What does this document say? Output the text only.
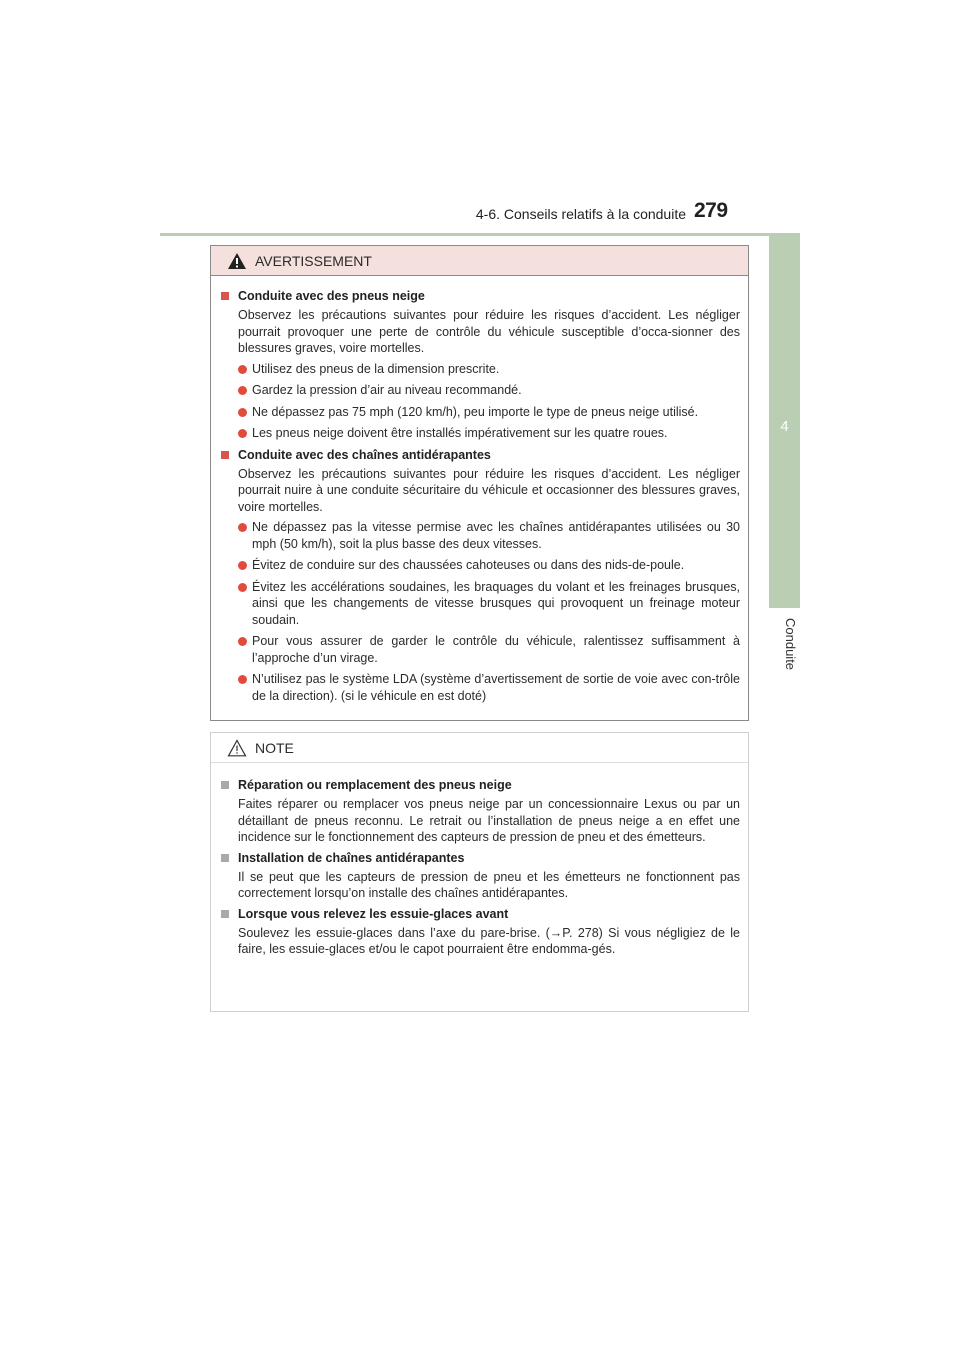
4-6. Conseils relatifs à la conduite 279
4
Conduite
AVERTISSEMENT
Conduite avec des pneus neige

Observez les précautions suivantes pour réduire les risques d’accident. Les négliger pourrait provoquer une perte de contrôle du véhicule susceptible d’occa-sionner des blessures graves, voire mortelles.

Utilisez des pneus de la dimension prescrite.
Gardez la pression d’air au niveau recommandé.
Ne dépassez pas 75 mph (120 km/h), peu importe le type de pneus neige utilisé.
Les pneus neige doivent être installés impérativement sur les quatre roues.
Conduite avec des chaînes antidérapantes

Observez les précautions suivantes pour réduire les risques d’accident. Les négliger pourrait nuire à une conduite sécuritaire du véhicule et occasionner des blessures graves, voire mortelles.

Ne dépassez pas la vitesse permise avec les chaînes antidérapantes utilisées ou 30 mph (50 km/h), soit la plus basse des deux vitesses.
Évitez de conduire sur des chaussées cahoteuses ou dans des nids-de-poule.
Évitez les accélérations soudaines, les braquages du volant et les freinages brusques, ainsi que les changements de vitesse brusques qui provoquent un freinage moteur soudain.
Pour vous assurer de garder le contrôle du véhicule, ralentissez suffisamment à l’approche d’un virage.
N’utilisez pas le système LDA (système d’avertissement de sortie de voie avec con-trôle de la direction). (si le véhicule en est doté)
NOTE
Réparation ou remplacement des pneus neige

Faites réparer ou remplacer vos pneus neige par un concessionnaire Lexus ou par un détaillant de pneus reconnu. Le retrait ou l’installation de pneus neige a en effet une incidence sur le fonctionnement des capteurs de pression de pneu et des émetteurs.

Installation de chaînes antidérapantes

Il se peut que les capteurs de pression de pneu et les émetteurs ne fonctionnent pas correctement lorsqu’on installe des chaînes antidérapantes.

Lorsque vous relevez les essuie-glaces avant

Soulevez les essuie-glaces dans l’axe du pare-brise. (→P. 278) Si vous négligiez de le faire, les essuie-glaces et/ou le capot pourraient être endomma-gés.
